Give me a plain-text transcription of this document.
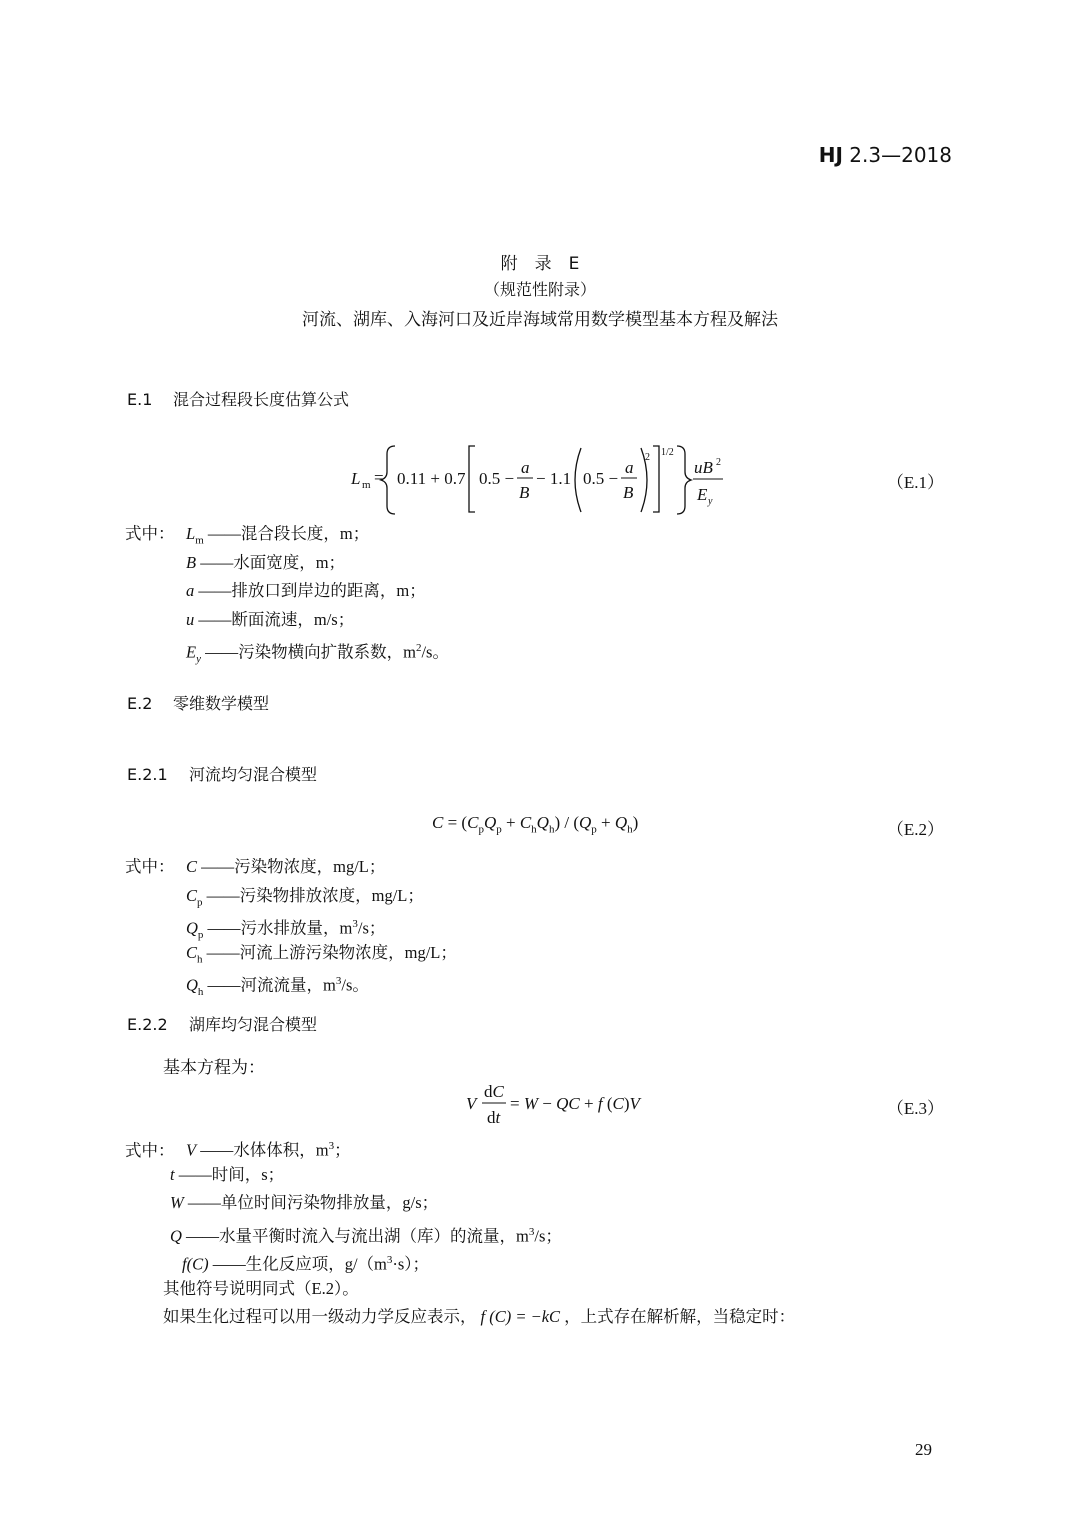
HJ 2.3—2018
附　录　E
（规范性附录）
河流、湖库、入海河口及近岸海域常用数学模型基本方程及解法
E.1 混合过程段长度估算公式
L m = 0.11 + 0.7 0.5 −
a
B
− 1.1 0.5 −
a
B
2 1/2
uB 2
E y
（E.1）
式中： $L_m$ ——混合段长度，m；
B ——水面宽度，m；
a ——排放口到岸边的距离，m；
u ——断面流速，m/s；
$E_y$ ——污染物横向扩散系数，$m^2/s$。
E.2 零维数学模型
E.2.1 河流均匀混合模型
$C = (C_pQ_p + C_hQ_h) / (Q_p + Q_h)$	（E.2）
式中： C ——污染物浓度，mg/L；
$C_p$ ——污染物排放浓度，mg/L；
$Q_p$ ——污水排放量，$m^3/s$；
$C_h$ ——河流上游污染物浓度，mg/L；
$Q_h$ ——河流流量，$m^3/s$。
E.2.2 湖库均匀混合模型
基本方程为：
V
dC
dt
= W − QC + f (C)V	（E.3）
式中： V ——水体体积，$m^3$；
t ——时间，s；
W ——单位时间污染物排放量，g/s；
Q ——水量平衡时流入与流出湖（库）的流量，$m^3/s$；
f(C) ——生化反应项，$g/(m^3\cdot s)$；
其他符号说明同式（E.2）。
如果生化过程可以用一级动力学反应表示， f (C) = −kC ，上式存在解析解，当稳定时：
29
